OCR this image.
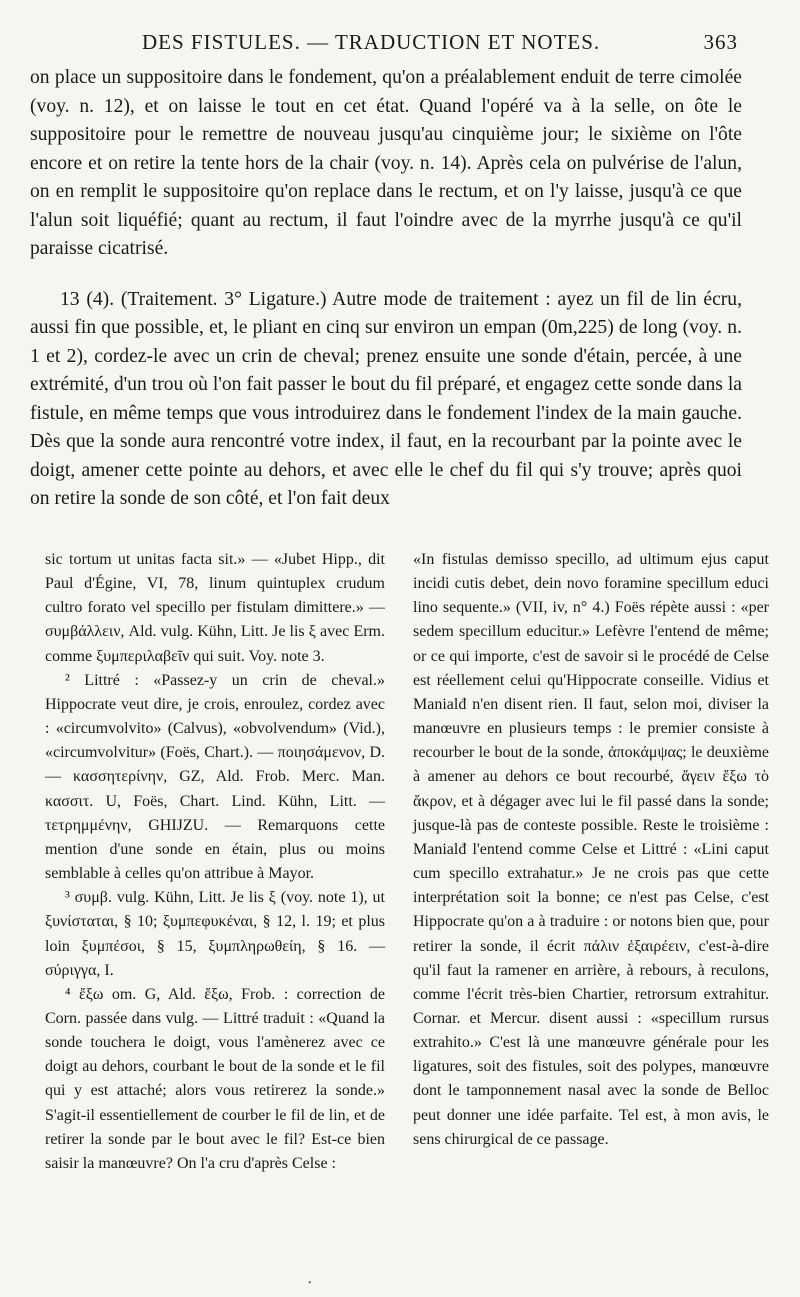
DES FISTULES. — TRADUCTION ET NOTES.	363

on place un suppositoire dans le fondement, qu'on a préalablement enduit de terre cimolée (voy. n. 12), et on laisse le tout en cet état. Quand l'opéré va à la selle, on ôte le suppositoire pour le remettre de nouveau jusqu'au cinquième jour; le sixième on l'ôte encore et on retire la tente hors de la chair (voy. n. 14). Après cela on pulvérise de l'alun, on en remplit le suppositoire qu'on replace dans le rectum, et on l'y laisse, jusqu'à ce que l'alun soit liquéfié; quant au rectum, il faut l'oindre avec de la myrrhe jusqu'à ce qu'il paraisse cicatrisé.

13 (4). (Traitement. 3° Ligature.) Autre mode de traitement : ayez un fil de lin écru, aussi fin que possible, et, le pliant en cinq sur environ un empan (0m,225) de long (voy. n. 1 et 2), cordez-le avec un crin de cheval; prenez ensuite une sonde d'étain, percée, à une extrémité, d'un trou où l'on fait passer le bout du fil préparé, et engagez cette sonde dans la fistule, en même temps que vous introduirez dans le fondement l'index de la main gauche. Dès que la sonde aura rencontré votre index, il faut, en la recourbant par la pointe avec le doigt, amener cette pointe au dehors, et avec elle le chef du fil qui s'y trouve; après quoi on retire la sonde de son côté, et l'on fait deux

sic tortum ut unitas facta sit.» — «Jubet Hipp., dit Paul d'Égine, VI, 78, linum quintuplex crudum cultro forato vel specillo per fistulam dimittere.» — συμβάλλειν, Ald. vulg. Kühn, Litt. Je lis ξ avec Erm. comme ξυμπεριλαβεῖν qui suit. Voy. note 3.

² Littré : «Passez-y un crin de cheval.» Hippocrate veut dire, je crois, enroulez, cordez avec : «circumvolvito» (Calvus), «obvolvendum» (Vid.), «circumvolvitur» (Foës, Chart.). — ποιησάμενον, D. — κασσητερίνην, GZ, Ald. Frob. Merc. Man. κασσιτ. U, Foës, Chart. Lind. Kühn, Litt. — τετρημμένην, GHIJZU. — Remarquons cette mention d'une sonde en étain, plus ou moins semblable à celles qu'on attribue à Mayor.

³ συμβ. vulg. Kühn, Litt. Je lis ξ (voy. note 1), ut ξυνίσταται, § 10; ξυμπεφυκέναι, § 12, l. 19; et plus loin ξυμπέσοι, § 15, ξυμπληρωθείη, § 16. — σύριγγα, I.

⁴ ἔξω om. G, Ald. ἔξω, Frob. : correction de Corn. passée dans vulg. — Littré traduit : «Quand la sonde touchera le doigt, vous l'amènerez avec ce doigt au dehors, courbant le bout de la sonde et le fil qui y est attaché; alors vous retirerez la sonde.» S'agit-il essentiellement de courber le fil de lin, et de retirer la sonde par le bout avec le fil? Est-ce bien saisir la manœuvre? On l'a cru d'après Celse :

«In fistulas demisso specillo, ad ultimum ejus caput incidi cutis debet, dein novo foramine specillum educi lino sequente.» (VII, iv, n° 4.) Foës répète aussi : «per sedem specillum educitur.» Lefèvre l'entend de même; or ce qui importe, c'est de savoir si le procédé de Celse est réellement celui qu'Hippocrate conseille. Vidius et Manialđ n'en disent rien. Il faut, selon moi, diviser la manœuvre en plusieurs temps : le premier consiste à recourber le bout de la sonde, ἀποκάμψας; le deuxième à amener au dehors ce bout recourbé, ἄγειν ἔξω τὸ ἄκρον, et à dégager avec lui le fil passé dans la sonde; jusque-là pas de conteste possible. Reste le troisième : Manialđ l'entend comme Celse et Littré : «Lini caput cum specillo extrahatur.» Je ne crois pas que cette interprétation soit la bonne; ce n'est pas Celse, c'est Hippocrate qu'on a à traduire : or notons bien que, pour retirer la sonde, il écrit πάλιν ἐξαιρέειν, c'est-à-dire qu'il faut la ramener en arrière, à rebours, à reculons, comme l'écrit très-bien Chartier, retrorsum extrahitur. Cornar. et Mercur. disent aussi : «specillum rursus extrahito.» C'est là une manœuvre générale pour les ligatures, soit des fistules, soit des polypes, manœuvre dont le tamponnement nasal avec la sonde de Belloc peut donner une idée parfaite. Tel est, à mon avis, le sens chirurgical de ce passage.

•
